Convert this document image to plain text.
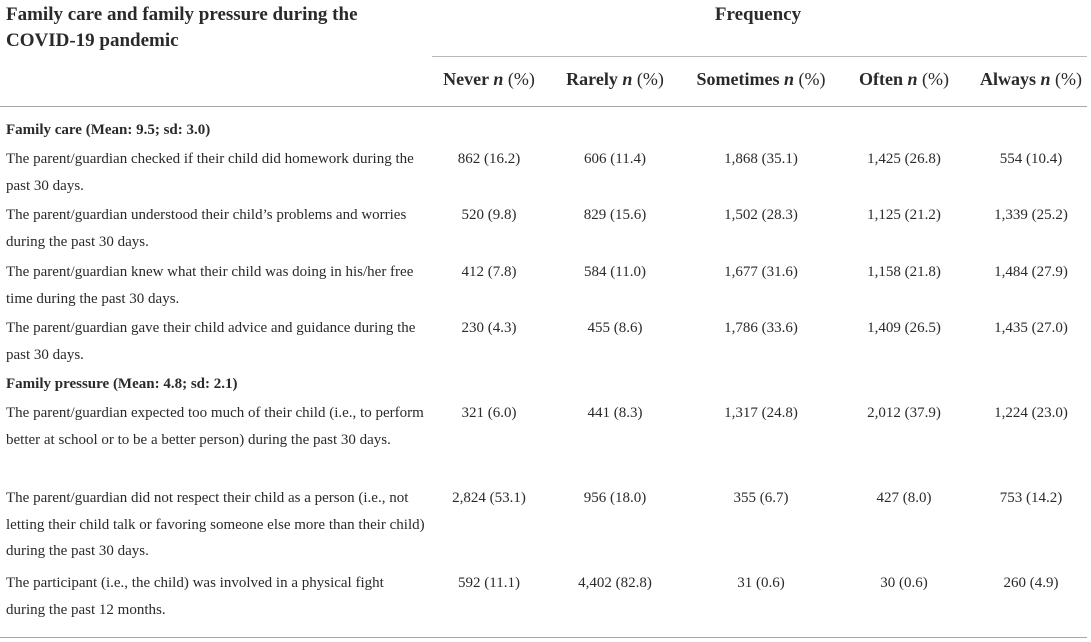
Family care and family pressure during the COVID-19 pandemic
Frequency
Never n (%)	Rarely n (%)	Sometimes n (%)	Often n (%)	Always n (%)
Family care (Mean: 9.5; sd: 3.0)
The parent/guardian checked if their child did homework during the past 30 days.
862 (16.2)	606 (11.4)	1,868 (35.1)	1,425 (26.8)	554 (10.4)
The parent/guardian understood their child’s problems and worries during the past 30 days.
520 (9.8)	829 (15.6)	1,502 (28.3)	1,125 (21.2)	1,339 (25.2)
The parent/guardian knew what their child was doing in his/her free time during the past 30 days.
412 (7.8)	584 (11.0)	1,677 (31.6)	1,158 (21.8)	1,484 (27.9)
The parent/guardian gave their child advice and guidance during the past 30 days.
230 (4.3)	455 (8.6)	1,786 (33.6)	1,409 (26.5)	1,435 (27.0)
Family pressure (Mean: 4.8; sd: 2.1)
The parent/guardian expected too much of their child (i.e., to perform better at school or to be a better person) during the past 30 days.
321 (6.0)	441 (8.3)	1,317 (24.8)	2,012 (37.9)	1,224 (23.0)
The parent/guardian did not respect their child as a person (i.e., not letting their child talk or favoring someone else more than their child) during the past 30 days.
2,824 (53.1)	956 (18.0)	355 (6.7)	427 (8.0)	753 (14.2)
The participant (i.e., the child) was involved in a physical fight during the past 12 months.
592 (11.1)	4,402 (82.8)	31 (0.6)	30 (0.6)	260 (4.9)
